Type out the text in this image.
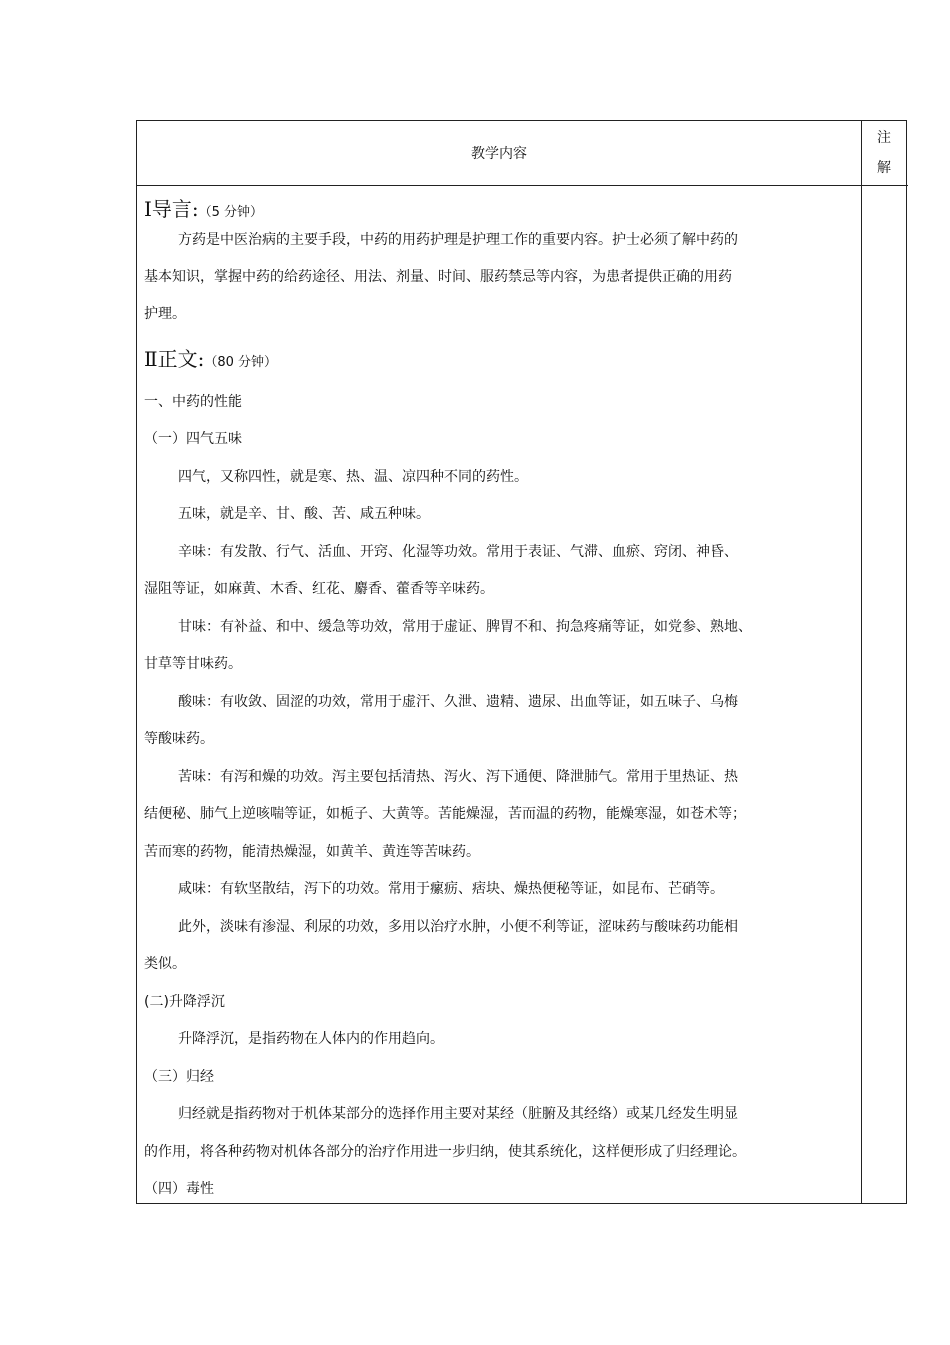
教学内容
注
解
Ⅰ导言:（5 分钟）
方药是中医治病的主要手段，中药的用药护理是护理工作的重要内容。护士必须了解中药的
基本知识，掌握中药的给药途径、用法、剂量、时间、服药禁忌等内容，为患者提供正确的用药
护理。
Ⅱ正文:（80 分钟）
一、中药的性能
（一）四气五味
四气，又称四性，就是寒、热、温、凉四种不同的药性。
五味，就是辛、甘、酸、苦、咸五种味。
辛味：有发散、行气、活血、开窍、化湿等功效。常用于表证、气滞、血瘀、窍闭、神昏、
湿阻等证，如麻黄、木香、红花、麝香、藿香等辛味药。
甘味：有补益、和中、缓急等功效，常用于虚证、脾胃不和、拘急疼痛等证，如党参、熟地、
甘草等甘味药。
酸味：有收敛、固涩的功效，常用于虚汗、久泄、遗精、遗尿、出血等证，如五味子、乌梅
等酸味药。
苦味：有泻和燥的功效。泻主要包括清热、泻火、泻下通便、降泄肺气。常用于里热证、热
结便秘、肺气上逆咳喘等证，如栀子、大黄等。苦能燥湿，苦而温的药物，能燥寒湿，如苍术等；
苦而寒的药物，能清热燥湿，如黄羊、黄连等苦味药。
咸味：有软坚散结，泻下的功效。常用于瘰疬、痞块、燥热便秘等证，如昆布、芒硝等。
此外，淡味有渗湿、利尿的功效，多用以治疗水肿，小便不利等证，涩味药与酸味药功能相
类似。
(二)升降浮沉
升降浮沉，是指药物在人体内的作用趋向。
（三）归经
归经就是指药物对于机体某部分的选择作用主要对某经（脏腑及其经络）或某几经发生明显
的作用，将各种药物对机体各部分的治疗作用进一步归纳，使其系统化，这样便形成了归经理论。
（四）毒性
